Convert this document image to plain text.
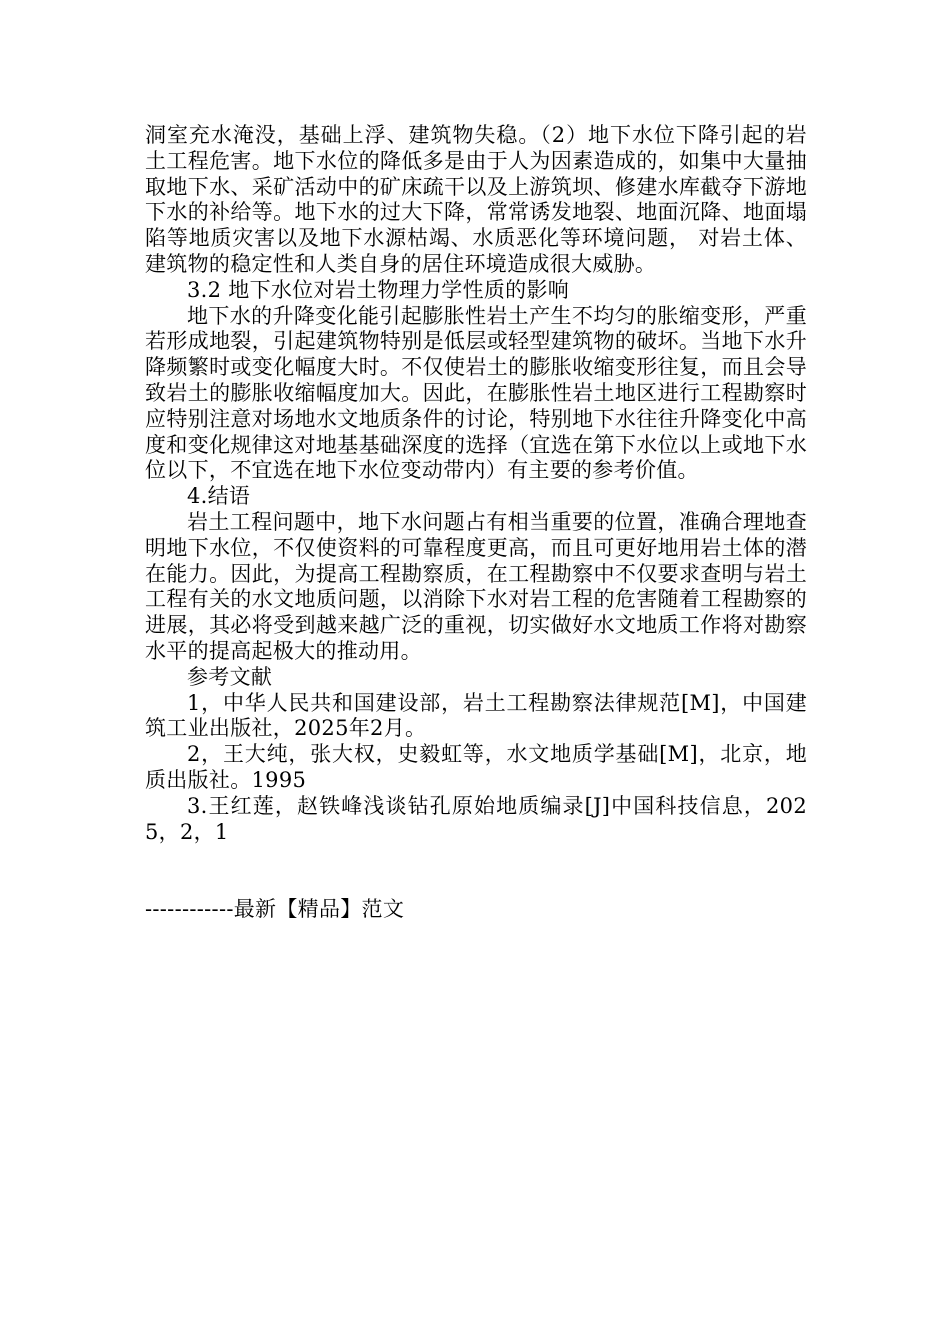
洞室充水淹没，基础上浮、建筑物失稳。（2）地下水位下降引起的岩土工程危害。地下水位的降低多是由于人为因素造成的，如集中大量抽取地下水、采矿活动中的矿床疏干以及上游筑坝、修建水库截夺下游地下水的补给等。地下水的过大下降，常常诱发地裂、地面沉降、地面塌陷等地质灾害以及地下水源枯竭、水质恶化等环境问题， 对岩土体、建筑物的稳定性和人类自身的居住环境造成很大威胁。

3.2 地下水位对岩土物理力学性质的影响

地下水的升降变化能引起膨胀性岩土产生不均匀的胀缩变形，严重若形成地裂，引起建筑物特别是低层或轻型建筑物的破坏。当地下水升降频繁时或变化幅度大时。不仅使岩土的膨胀收缩变形往复，而且会导致岩土的膨胀收缩幅度加大。因此，在膨胀性岩土地区进行工程勘察时应特别注意对场地水文地质条件的讨论，特别地下水往往升降变化中高度和变化规律这对地基基础深度的选择（宜选在第下水位以上或地下水位以下，不宜选在地下水位变动带内）有主要的参考价值。

4.结语

岩土工程问题中，地下水问题占有相当重要的位置，准确合理地查明地下水位，不仅使资料的可靠程度更高，而且可更好地用岩土体的潜在能力。因此，为提高工程勘察质，在工程勘察中不仅要求查明与岩土工程有关的水文地质问题，以消除下水对岩工程的危害随着工程勘察的进展，其必将受到越来越广泛的重视，切实做好水文地质工作将对勘察水平的提高起极大的推动用。

参考文献

1，中华人民共和国建设部，岩土工程勘察法律规范[M]，中国建筑工业出版社，2025年2月。

2，王大纯，张大权，史毅虹等，水文地质学基础[M]，北京，地质出版社。1995

3.王红莲，赵铁峰浅谈钻孔原始地质编录[J]中国科技信息，2025，2，1

------------最新【精品】范文
